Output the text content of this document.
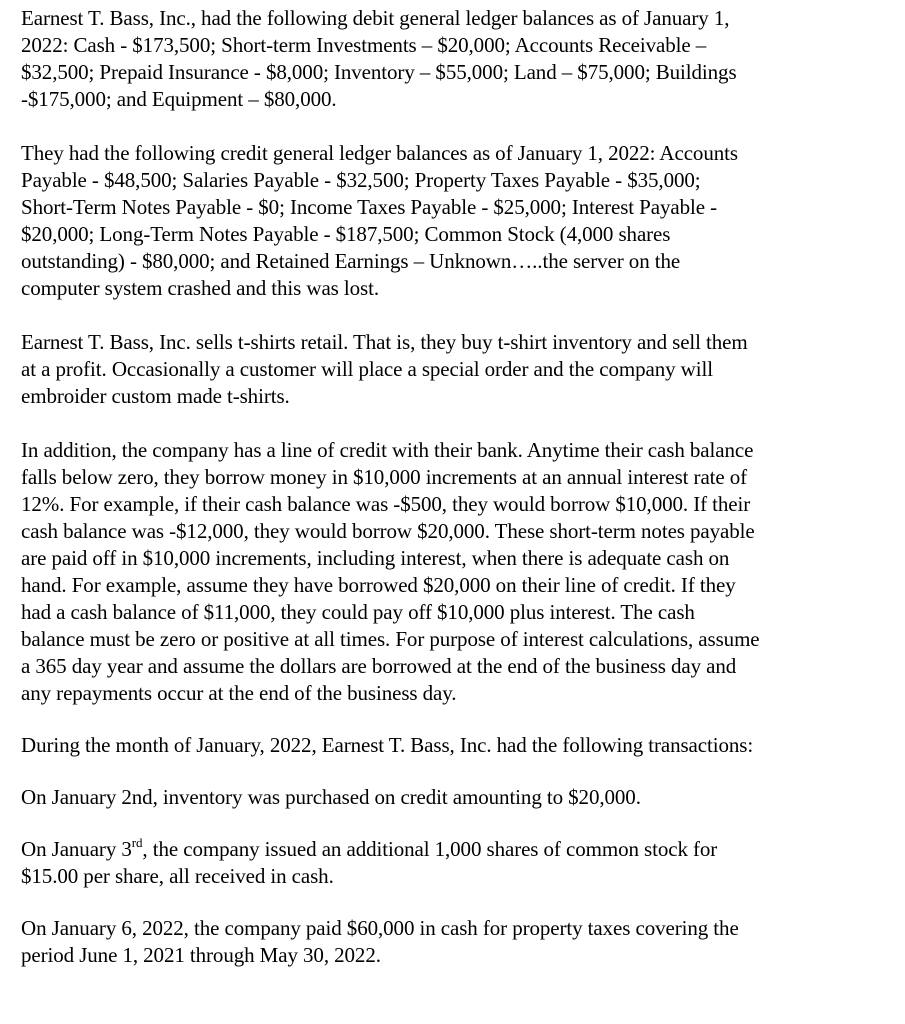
Earnest T. Bass, Inc., had the following debit general ledger balances as of January 1,
2022: Cash - $173,500; Short-term Investments – $20,000; Accounts Receivable –
$32,500; Prepaid Insurance - $8,000; Inventory – $55,000; Land – $75,000; Buildings
-$175,000; and Equipment – $80,000.
They had the following credit general ledger balances as of January 1, 2022: Accounts
Payable - $48,500; Salaries Payable - $32,500; Property Taxes Payable - $35,000;
Short-Term Notes Payable - $0; Income Taxes Payable - $25,000; Interest Payable -
$20,000; Long-Term Notes Payable - $187,500; Common Stock (4,000 shares
outstanding) - $80,000; and Retained Earnings – Unknown…..the server on the
computer system crashed and this was lost.
Earnest T. Bass, Inc. sells t-shirts retail. That is, they buy t-shirt inventory and sell them
at a profit. Occasionally a customer will place a special order and the company will
embroider custom made t-shirts.
In addition, the company has a line of credit with their bank. Anytime their cash balance
falls below zero, they borrow money in $10,000 increments at an annual interest rate of
12%. For example, if their cash balance was -$500, they would borrow $10,000. If their
cash balance was -$12,000, they would borrow $20,000. These short-term notes payable
are paid off in $10,000 increments, including interest, when there is adequate cash on
hand. For example, assume they have borrowed $20,000 on their line of credit. If they
had a cash balance of $11,000, they could pay off $10,000 plus interest. The cash
balance must be zero or positive at all times. For purpose of interest calculations, assume
a 365 day year and assume the dollars are borrowed at the end of the business day and
any repayments occur at the end of the business day.
During the month of January, 2022, Earnest T. Bass, Inc. had the following transactions:
On January 2nd, inventory was purchased on credit amounting to $20,000.
On January 3rd, the company issued an additional 1,000 shares of common stock for
$15.00 per share, all received in cash.
On January 6, 2022, the company paid $60,000 in cash for property taxes covering the
period June 1, 2021 through May 30, 2022.
